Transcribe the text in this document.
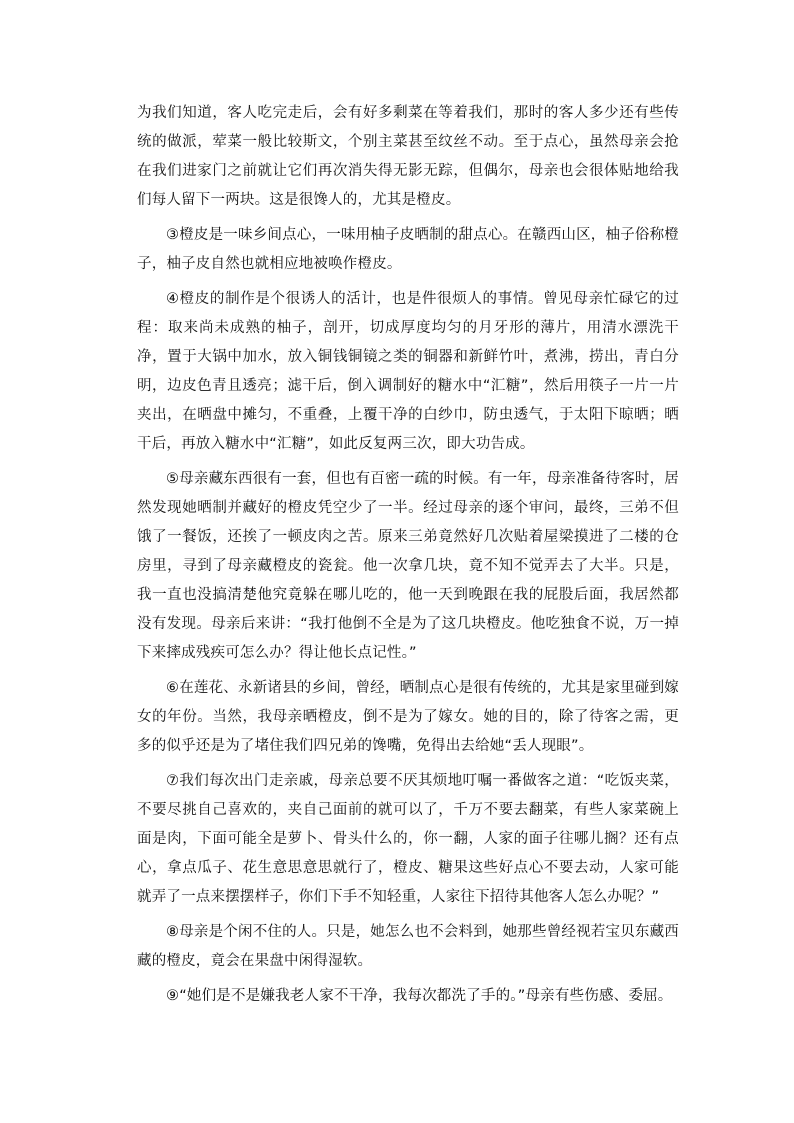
为我们知道，客人吃完走后，会有好多剩菜在等着我们，那时的客人多少还有些传统的做派，荤菜一般比较斯文，个别主菜甚至纹丝不动。至于点心，虽然母亲会抢在我们进家门之前就让它们再次消失得无影无踪，但偶尔，母亲也会很体贴地给我们每人留下一两块。这是很馋人的，尤其是橙皮。

③橙皮是一味乡间点心，一味用柚子皮晒制的甜点心。在赣西山区，柚子俗称橙子，柚子皮自然也就相应地被唤作橙皮。

④橙皮的制作是个很诱人的活计，也是件很烦人的事情。曾见母亲忙碌它的过程：取来尚未成熟的柚子，剖开，切成厚度均匀的月牙形的薄片，用清水漂洗干净，置于大锅中加水，放入铜钱铜镜之类的铜器和新鲜竹叶，煮沸，捞出，青白分明，边皮色青且透亮；滤干后，倒入调制好的糖水中“汇糖”，然后用筷子一片一片夹出，在晒盘中摊匀，不重叠，上覆干净的白纱巾，防虫透气，于太阳下晾晒；晒干后，再放入糖水中“汇糖”，如此反复两三次，即大功告成。

⑤母亲藏东西很有一套，但也有百密一疏的时候。有一年，母亲准备待客时，居然发现她晒制并藏好的橙皮凭空少了一半。经过母亲的逐个审问，最终，三弟不但饿了一餐饭，还挨了一顿皮肉之苦。原来三弟竟然好几次贴着屋梁摸进了二楼的仓房里，寻到了母亲藏橙皮的瓷瓮。他一次拿几块，竟不知不觉弄去了大半。只是，我一直也没搞清楚他究竟躲在哪儿吃的，他一天到晚跟在我的屁股后面，我居然都没有发现。母亲后来讲：“我打他倒不全是为了这几块橙皮。他吃独食不说，万一掉下来摔成残疾可怎么办？得让他长点记性。”

⑥在莲花、永新诸县的乡间，曾经，晒制点心是很有传统的，尤其是家里碰到嫁女的年份。当然，我母亲晒橙皮，倒不是为了嫁女。她的目的，除了待客之需，更多的似乎还是为了堵住我们四兄弟的馋嘴，免得出去给她“丢人现眼”。

⑦我们每次出门走亲戚，母亲总要不厌其烦地叮嘱一番做客之道：“吃饭夹菜，不要尽挑自己喜欢的，夹自己面前的就可以了，千万不要去翻菜，有些人家菜碗上面是肉，下面可能全是萝卜、骨头什么的，你一翻，人家的面子往哪儿搁？还有点心，拿点瓜子、花生意思意思就行了，橙皮、糖果这些好点心不要去动，人家可能就弄了一点来摆摆样子，你们下手不知轻重，人家往下招待其他客人怎么办呢？”

⑧母亲是个闲不住的人。只是，她怎么也不会料到，她那些曾经视若宝贝东藏西藏的橙皮，竟会在果盘中闲得湿软。

⑨“她们是不是嫌我老人家不干净，我每次都洗了手的。”母亲有些伤感、委屈。
